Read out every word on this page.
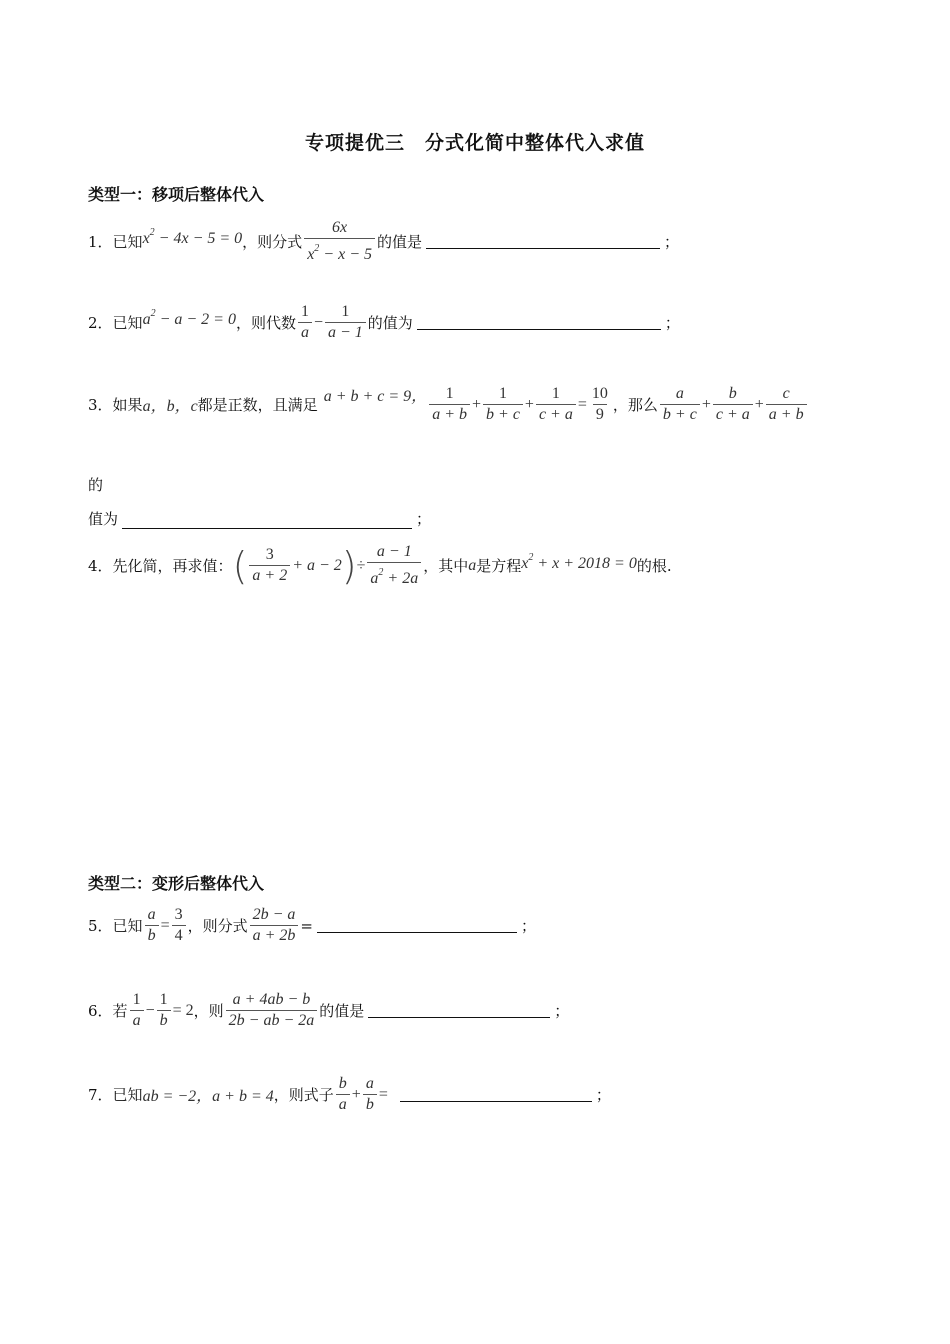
专项提优三　分式化简中整体代入求值
类型一：移项后整体代入
1． 已知 $x^2 - 4x - 5 = 0$ ，则分式 $\frac{6x}{x^2 - x - 5}$ 的值是	；
2． 已知 $a^2 - a - 2 = 0$ ，则代数 $\frac{1}{a} - \frac{1}{a - 1}$ 的值为	；
3． 如果 a，b，c 都是正数，且满足 a + b + c = 9， $\frac{1}{a + b} + \frac{1}{b + c} + \frac{1}{c + a} = \frac{10}{9}$ ，那么 $\frac{a}{b + c} + \frac{b}{c + a} + \frac{c}{a + b}$
的
值为	；
4． 先化简，再求值： ( $\frac{3}{a + 2} + a - 2$ ) ÷ $\frac{a - 1}{a^2 + 2a}$ ，其中 a 是方程 $x^2 + x + 2018 = 0$ 的根.
类型二：变形后整体代入
5． 已知 $\frac{a}{b} = \frac{3}{4}$ ，则分式 $\frac{2b - a}{a + 2b}$ =	；
6． 若 $\frac{1}{a} - \frac{1}{b} = 2$ ，则 $\frac{a + 4ab - b}{2b - ab - 2a}$ 的值是	；
7． 已知 ab = −2，a + b = 4 ，则式子 $\frac{b}{a} + \frac{a}{b}$ =	；
